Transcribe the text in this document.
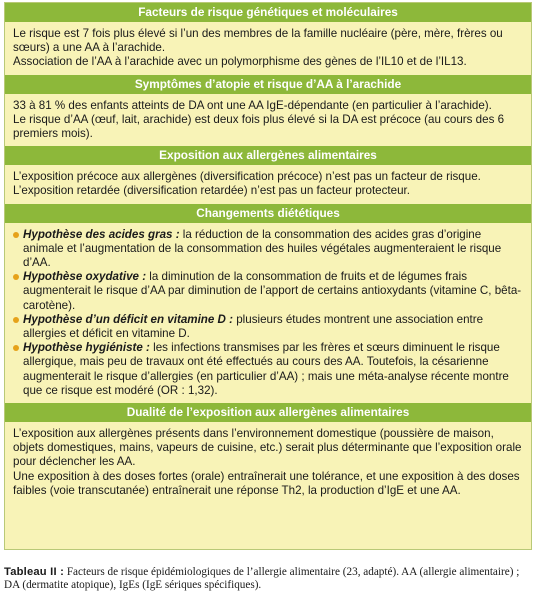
Facteurs de risque génétiques et moléculaires

Le risque est 7 fois plus élevé si l’un des membres de la famille nucléaire (père, mère, frères ou sœurs) a une AA à l’arachide.

Association de l’AA à l’arachide avec un polymorphisme des gènes de l’IL10 et de l’IL13.

Symptômes d’atopie et risque d’AA à l’arachide

33 à 81 % des enfants atteints de DA ont une AA IgE-dépendante (en particulier à l’arachide).

Le risque d’AA (œuf, lait, arachide) est deux fois plus élevé si la DA est précoce (au cours des 6 premiers mois).

Exposition aux allergènes alimentaires

L’exposition précoce aux allergènes (diversification précoce) n’est pas un facteur de risque.

L’exposition retardée (diversification retardée) n’est pas un facteur protecteur.

Changements diététiques

Hypothèse des acides gras : la réduction de la consommation des acides gras d’origine animale et l’augmentation de la consommation des huiles végétales augmenteraient le risque d’AA.

Hypothèse oxydative : la diminution de la consommation de fruits et de légumes frais augmenterait le risque d’AA par diminution de l’apport de certains antioxydants (vitamine C, bêta-carotène).

Hypothèse d’un déficit en vitamine D : plusieurs études montrent une association entre allergies et déficit en vitamine D.

Hypothèse hygiéniste : les infections transmises par les frères et sœurs diminuent le risque allergique, mais peu de travaux ont été effectués au cours des AA. Toutefois, la césarienne augmenterait le risque d’allergies (en particulier d’AA) ; mais une méta-analyse récente montre que ce risque est modéré (OR : 1,32).

Dualité de l’exposition aux allergènes alimentaires

L’exposition aux allergènes présents dans l’environnement domestique (poussière de maison, objets domestiques, mains, vapeurs de cuisine, etc.) serait plus déterminante que l’exposition orale pour déclencher les AA.

Une exposition à des doses fortes (orale) entraînerait une tolérance, et une exposition à des doses faibles (voie transcutanée) entraînerait une réponse Th2, la production d’IgE et une AA.

Tableau II : Facteurs de risque épidémiologiques de l’allergie alimentaire (23, adapté). AA (allergie alimentaire) ; DA (dermatite atopique), IgEs (IgE sériques spécifiques).
